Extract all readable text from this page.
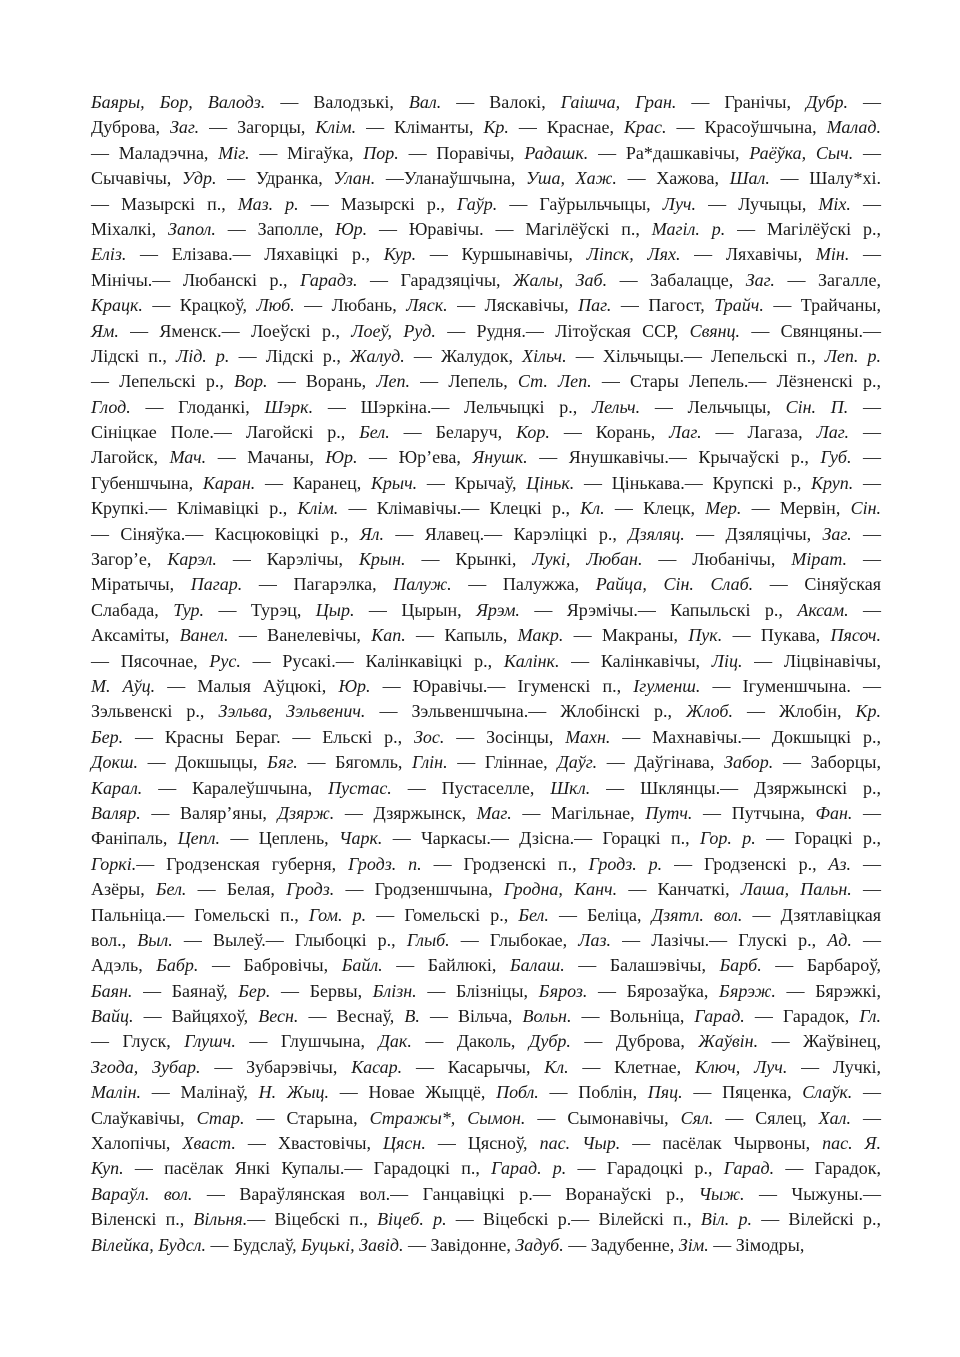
Баяры, Бор, Валодз. — Валодзькі, Вал. — Валокі, Гаішча, Гран. — Гранічы, Дубр. —
Дуброва, Заг. — Загорцы, Клім. — Кліманты, Кр. — Краснае, Крас. — Красоўшчына, Малад.
— Маладэчна, Міг. — Мігаўка, Пор. — Поравічы, Радашк. — Ра*дашкавічы, Раёўка, Сыч. —
Сычавічы, Удр. — Удранка, Улан. —Уланаўшчына, Уша, Хаж. — Хажова, Шал. — Шалу*хі.
— Мазырскі п., Маз. р. — Мазырскі р., Гаўр. — Гаўрыльчыцы, Луч. — Лучыцы, Міх. —
Міхалкі, Запол. — Заполле, Юр. — Юравічы. — Магілёўскі п., Магіл. р. — Магілёўскі р.,
Еліз. — Елізава.— Ляхавіцкі р., Кур. — Куршынавічы, Ліпск, Лях. — Ляхавічы, Мін. —
Мінічы.— Любанскі р., Гарадз. — Гарадзяцічы, Жалы, Заб. — Забалацце, Заг. — Загалле,
Крацк. — Крацкоў, Люб. — Любань, Ляск. — Ляскавічы, Паг. — Пагост, Трайч. — Трайчаны,
Ям. — Яменск.— Лоеўскі р., Лоеў, Руд. — Рудня.— Літоўская ССР, Свянц. — Свянцяны.—
Лідскі п., Лід. р. — Лідскі р., Жалуд. — Жалудок, Хільч. — Хільчыцы.— Лепельскі п., Леп. р.
— Лепельскі р., Вор. — Ворань, Леп. — Лепель, Ст. Леп. — Стары Лепель.— Лёзненскі р.,
Глод. — Глоданкі, Шэрк. — Шэркіна.— Лельчыцкі р., Лельч. — Лельчыцы, Сін. П. —
Сініцкае Поле.— Лагойскі р., Бел. — Беларуч, Кор. — Корань, Лаг. — Лагаза, Лаг. —
Лагойск, Мач. — Мачаны, Юр. — Юр’ева, Янушк. — Янушкавічы.— Крычаўскі р., Губ. —
Губеншчына, Каран. — Каранец, Крыч. — Крычаў, Ціньк. — Цінькава.— Крупскі р., Круп. —
Крупкі.— Клімавіцкі р., Клім. — Клімавічы.— Клецкі р., Кл. — Клецк, Мер. — Мервін, Сін.
— Сіняўка.— Касцюковіцкі р., Ял. — Ялавец.— Карэліцкі р., Дзяляц. — Дзяляцічы, Заг. —
Загор’е, Карэл. — Карэлічы, Крын. — Крынкі, Лукі, Любан. — Любанічы, Мірат. —
Міратычы, Пагар. — Пагарэлка, Палуж. — Палужжа, Райца, Сін. Слаб. — Сіняўская
Слабада, Тур. — Турэц, Цыр. — Цырын, Ярэм. — Ярэмічы.— Капыльскі р., Аксам. —
Аксаміты, Ванел. — Ванелевічы, Кап. — Капыль, Макр. — Макраны, Пук. — Пукава, Пясоч.
— Пясочнае, Рус. — Русакі.— Калінкавіцкі р., Калінк. — Калінкавічы, Ліц. — Ліцвінавічы,
М. Аўц. — Малыя Аўцюкі, Юр. — Юравічы.— Ігуменскі п., Ігуменш. — Ігуменшчына. —
Зэльвенскі р., Зэльва, Зэльвенич. — Зэльвеншчына.— Жлобінскі р., Жлоб. — Жлобін, Кр.
Бер. — Красны Бераг. — Ельскі р., Зос. — Зосінцы, Махн. — Махнавічы.— Докшыцкі р.,
Докш. — Докшыцы, Бяг. — Бягомль, Глін. — Гліннае, Даўг. — Даўгінава, Забор. — Заборцы,
Карал. — Каралеўшчына, Пустас. — Пустаселле, Шкл. — Шклянцы.— Дзяржынскі р.,
Валяр. — Валяр’яны, Дзярж. — Дзяржынск, Маг. — Магільнае, Путч. — Путчына, Фан. —
Фаніпаль, Цепл. — Цеплень, Чарк. — Чаркасы.— Дзісна.— Горацкі п., Гор. р. — Горацкі р.,
Горкі.— Гродзенская губерня, Гродз. п. — Гродзенскі п., Гродз. р. — Гродзенскі р., Аз. —
Азёры, Бел. — Белая, Гродз. — Гродзеншчына, Гродна, Канч. — Канчаткі, Лаша, Пальн. —
Пальніца.— Гомельскі п., Гом. р. — Гомельскі р., Бел. — Беліца, Дзятл. вол. — Дзятлавіцкая
вол., Выл. — Вылеў.— Глыбоцкі р., Глыб. — Глыбокае, Лаз. — Лазічы.— Глускі р., Ад. —
Адэль, Бабр. — Бабровічы, Байл. — Байлюкі, Балаш. — Балашэвічы, Барб. — Барбароў,
Баян. — Баянаў, Бер. — Бервы, Блізн. — Блізніцы, Бяроз. — Бярозаўка, Бярэж. — Бярэжкі,
Вайц. — Вайцяхоў, Весн. — Веснаў, В. — Вільча, Вольн. — Вольніца, Гарад. — Гарадок, Гл.
— Глуск, Глушч. — Глушчына, Дак. — Даколь, Дубр. — Дуброва, Жаўвін. — Жаўвінец,
Згода, Зубар. — Зубарэвічы, Касар. — Касарычы, Кл. — Клетнае, Ключ, Луч. — Лучкі,
Малін. — Малінаў, Н. Жыц. — Новае Жыццё, Побл. — Поблін, Пяц. — Пяценка, Слаўк. —
Слаўкавічы, Стар. — Старына, Стражы*, Сымон. — Сымонавічы, Сял. — Сялец, Хал. —
Халопічы, Хваст. — Хвастовічы, Цясн. — Цясноў, пас. Чыр. — пасёлак Чырвоны, пас. Я.
Куп. — пасёлак Янкі Купалы.— Гарадоцкі п., Гарад. р. — Гарадоцкі р., Гарад. — Гарадок,
Вараўл. вол. — Вараўлянская вол.— Ганцавіцкі р.— Воранаўскі р., Чыж. — Чыжуны.—
Віленскі п., Вільня.— Віцебскі п., Віцеб. р. — Віцебскі р.— Вілейскі п., Віл. р. — Вілейскі р.,
Вілейка, Будсл. — Будслаў, Буцькі, Завід. — Завідонне, Задуб. — Задубенне, Зім. — Зімодры,
